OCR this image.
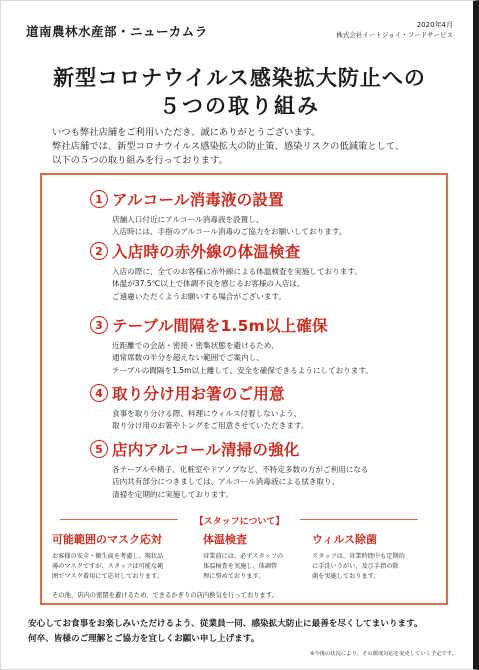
道南農林水産部・ニューカムラ	2020年4月
株式会社イートジョイ・フードサービス
新型コロナウイルス感染拡大防止への
５つの取り組み
いつも弊社店舗をご利用いただき、誠にありがとうございます。
弊社店舗では、新型コロナウイルス感染拡大の防止策、感染リスクの低減策として、
以下の５つの取り組みを行っております。
1 アルコール消毒液の設置
店舗入口付近にアルコール消毒液を設置し、
入店時には、手指のアルコール消毒のご協力をお願いしております。
2 入店時の赤外線の体温検査
入店の際に、全てのお客様に赤外線による体温検査を実施しております。
体温が37.5℃以上で体調不良を感じるお客様の入店は、
ご遠慮いただくようお願いする場合がございます。
3 テーブル間隔を1.5m以上確保
近距離での会話・密接・密集状態を避けるため、
通常席数の半分を超えない範囲でご案内し、
テーブルの間隔を1.5m以上離して、安全を確保できるようにしております。
4 取り分け用お箸のご用意
食事を取り分ける際、料理にウィルス付着しないよう、
取り分け用のお箸やトングをご用意させていただきます。
5 店内アルコール清掃の強化
各テーブルや椅子、化粧室やドアノブなど、不特定多数の方がご利用になる
店内共有部分につきましては、アルコール消毒液による拭き取り、
清掃を定期的に実施しております。
【スタッフについて】
可能範囲のマスク応対
お客様の安全・衛生面を考慮し、現状品
薄のマスクですが、スタッフは可能な範
囲でマスク着用にて応対しております。
体温検査
営業前には、必ずスタッフの
体温検査を実施し、体調管
理に努めております。
ウィルス除菌
スタッフは、営業時間中も定期的
に手洗いうがい、及び手指の除
菌を実施しております。
その他、店内の密閉を避けるため、できるかぎりの店内換気を行っております。
安心してお食事をお楽しみいただけるよう、従業員一同、感染拡大防止に最善を尽くしてまいります。
何卒、皆様のご理解とご協力を宜しくお願い申し上げます。
※今後の状況により、その都度対応を変更していく予定です。
